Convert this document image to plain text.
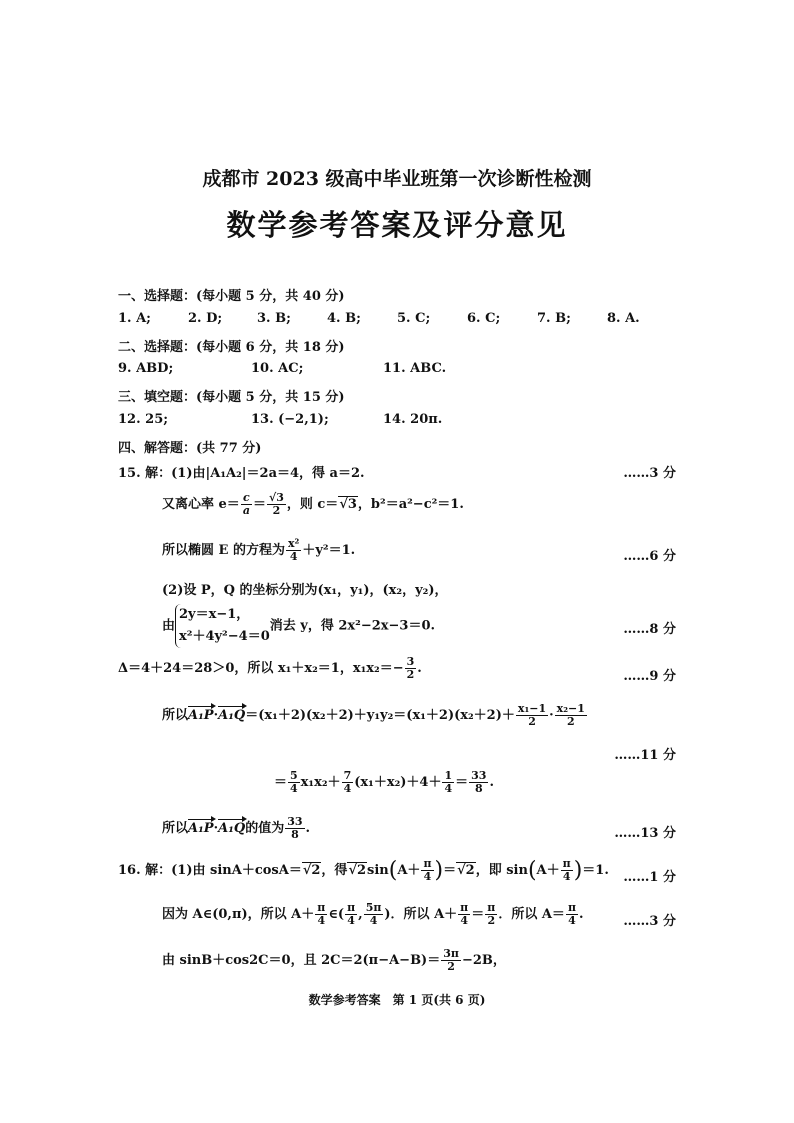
成都市 2023 级高中毕业班第一次诊断性检测
数学参考答案及评分意见
一、选择题：(每小题 5 分，共 40 分)
1. A;	2. D;	3. B;	4. B;	5. C;	6. C;	7. B;	8. A.
二、选择题：(每小题 6 分，共 18 分)
9. ABD;	10. AC;	11. ABC.
三、填空题：(每小题 5 分，共 15 分)
12. 25;	13. (−2,1);	14. 20π.
四、解答题：(共 77 分)
15. 解：(1)由|A₁A₂|＝2a＝4，得 a＝2.	……3 分
又离心率 $e= \frac{c}{a} = \frac{√3}{2}$ ，则 c＝√3，b²＝a²−c²＝1.
所以椭圆 E 的方程为 $\frac{\text{x²}}{4} +y^2=1$.	……6 分
(2)设 P，Q 的坐标分别为(x₁，y₁)，(x₂，y₂)，
由
2y＝x−1，
x²＋4y²−4＝0
消去 y，得 2x²−2x−3＝0.	……8 分
Δ＝4＋24＝28＞0，所以 x₁＋x₂＝1，$x_1x_2=- \frac{3}{2}$ .
……9 分
所以$A_1P\cdot A_1Q=(x_1+2)(x_2+2)+y_1y_2=(x_1+2)(x_2+2)+ \frac{\text{x₁−1}}{2} \cdot \frac{\text{x₂−1}}{2}$
……11 分
＝ $\frac{5}{4} x_1x_2+ \frac{7}{4} (x_1+x_2)+4+ \frac{1}{4} = \frac{33}{8}$ .
所以A₁P·A₁Q的值为 $\frac{33}{8}$ .	……13 分
16. 解：(1)由 sinA＋cosA＝√2，得$√2\sin(A+ \frac{\pi}{4} )=√2$，即 $\sin(A+ \frac{\pi}{4} )=1$. ……1 分
因为 A∈(0,π)，所以 $A+ \frac{\pi}{4}$ ∈( $\frac{\pi}{4}$ , $\frac{5\pi}{4}$ )．所以 $A+ \frac{\pi}{4} = \frac{\pi}{2}$ ．所以 $A= \frac{\pi}{4}$ .	……3 分
由 sinB＋cos2C＝0，且 $2C=2(\pi-A-B)= \frac{3\pi}{2} -2B$，
数学参考答案　第 1 页(共 6 页)
